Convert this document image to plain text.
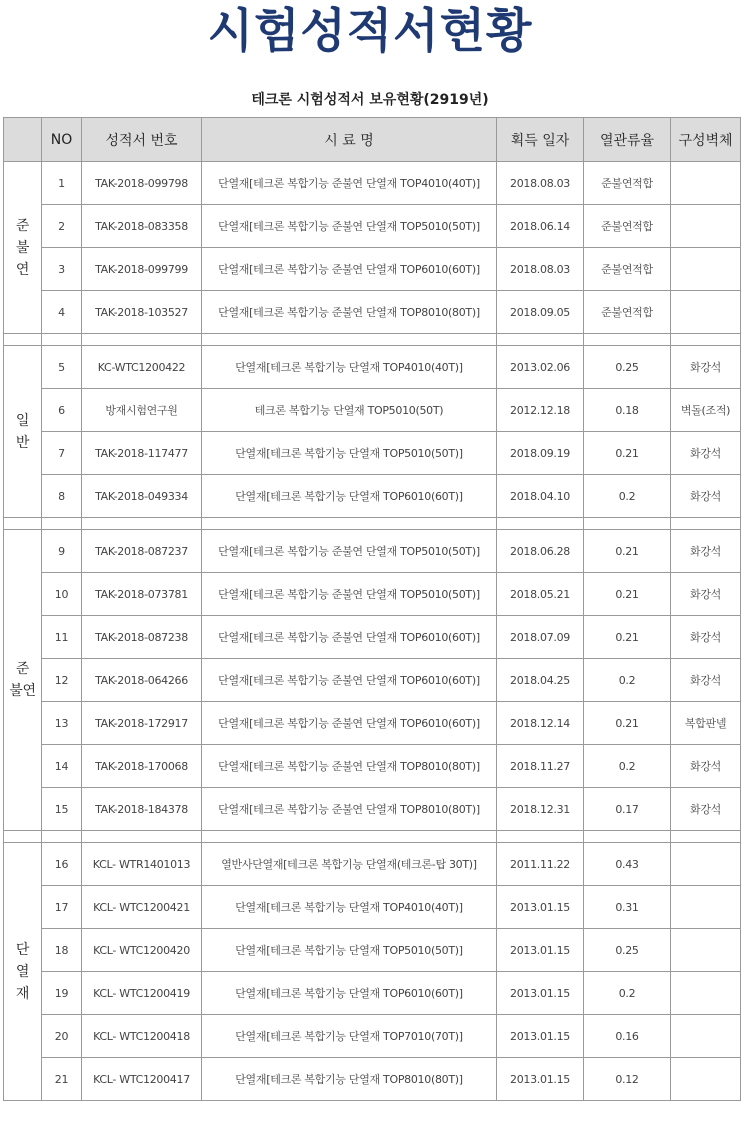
시험성적서현황
테크론 시험성적서 보유현황(2919년)
	NO	성적서 번호	시 료 명	획득 일자	열관류율	구성벽체

준
불
연	1	TAK-2018-099798	단열재[테크론 복합기능 준불연 단열재 TOP4010(40T)]	2018.08.03	준불연적합	
	2	TAK-2018-083358	단열재[테크론 복합기능 준불연 단열재 TOP5010(50T)]	2018.06.14	준불연적합	
	3	TAK-2018-099799	단열재[테크론 복합기능 준불연 단열재 TOP6010(60T)]	2018.08.03	준불연적합	
	4	TAK-2018-103527	단열재[테크론 복합기능 준불연 단열재 TOP8010(80T)]	2018.09.05	준불연적합	

일
반	5	KC-WTC1200422	단열재[테크론 복합기능 단열재 TOP4010(40T)]	2013.02.06	0.25	화강석
	6	방재시험연구원	테크론 복합기능 단열재 TOP5010(50T)	2012.12.18	0.18	벽돌(조적)
	7	TAK-2018-117477	단열재[테크론 복합기능 단열재 TOP5010(50T)]	2018.09.19	0.21	화강석
	8	TAK-2018-049334	단열재[테크론 복합기능 단열재 TOP6010(60T)]	2018.04.10	0.2	화강석

준
불연	9	TAK-2018-087237	단열재[테크론 복합기능 준불연 단열재 TOP5010(50T)]	2018.06.28	0.21	화강석
	10	TAK-2018-073781	단열재[테크론 복합기능 준불연 단열재 TOP5010(50T)]	2018.05.21	0.21	화강석
	11	TAK-2018-087238	단열재[테크론 복합기능 준불연 단열재 TOP6010(60T)]	2018.07.09	0.21	화강석
	12	TAK-2018-064266	단열재[테크론 복합기능 준불연 단열재 TOP6010(60T)]	2018.04.25	0.2	화강석
	13	TAK-2018-172917	단열재[테크론 복합기능 준불연 단열재 TOP6010(60T)]	2018.12.14	0.21	복합판넬
	14	TAK-2018-170068	단열재[테크론 복합기능 준불연 단열재 TOP8010(80T)]	2018.11.27	0.2	화강석
	15	TAK-2018-184378	단열재[테크론 복합기능 준불연 단열재 TOP8010(80T)]	2018.12.31	0.17	화강석

단
열
재	16	KCL- WTR1401013	열반사단열재[테크론 복합기능 단열재(테크론-탑 30T)]	2011.11.22	0.43	
	17	KCL- WTC1200421	단열재[테크론 복합기능 단열재 TOP4010(40T)]	2013.01.15	0.31	
	18	KCL- WTC1200420	단열재[테크론 복합기능 단열재 TOP5010(50T)]	2013.01.15	0.25	
	19	KCL- WTC1200419	단열재[테크론 복합기능 단열재 TOP6010(60T)]	2013.01.15	0.2	
	20	KCL- WTC1200418	단열재[테크론 복합기능 단열재 TOP7010(70T)]	2013.01.15	0.16	
	21	KCL- WTC1200417	단열재[테크론 복합기능 단열재 TOP8010(80T)]	2013.01.15	0.12	
